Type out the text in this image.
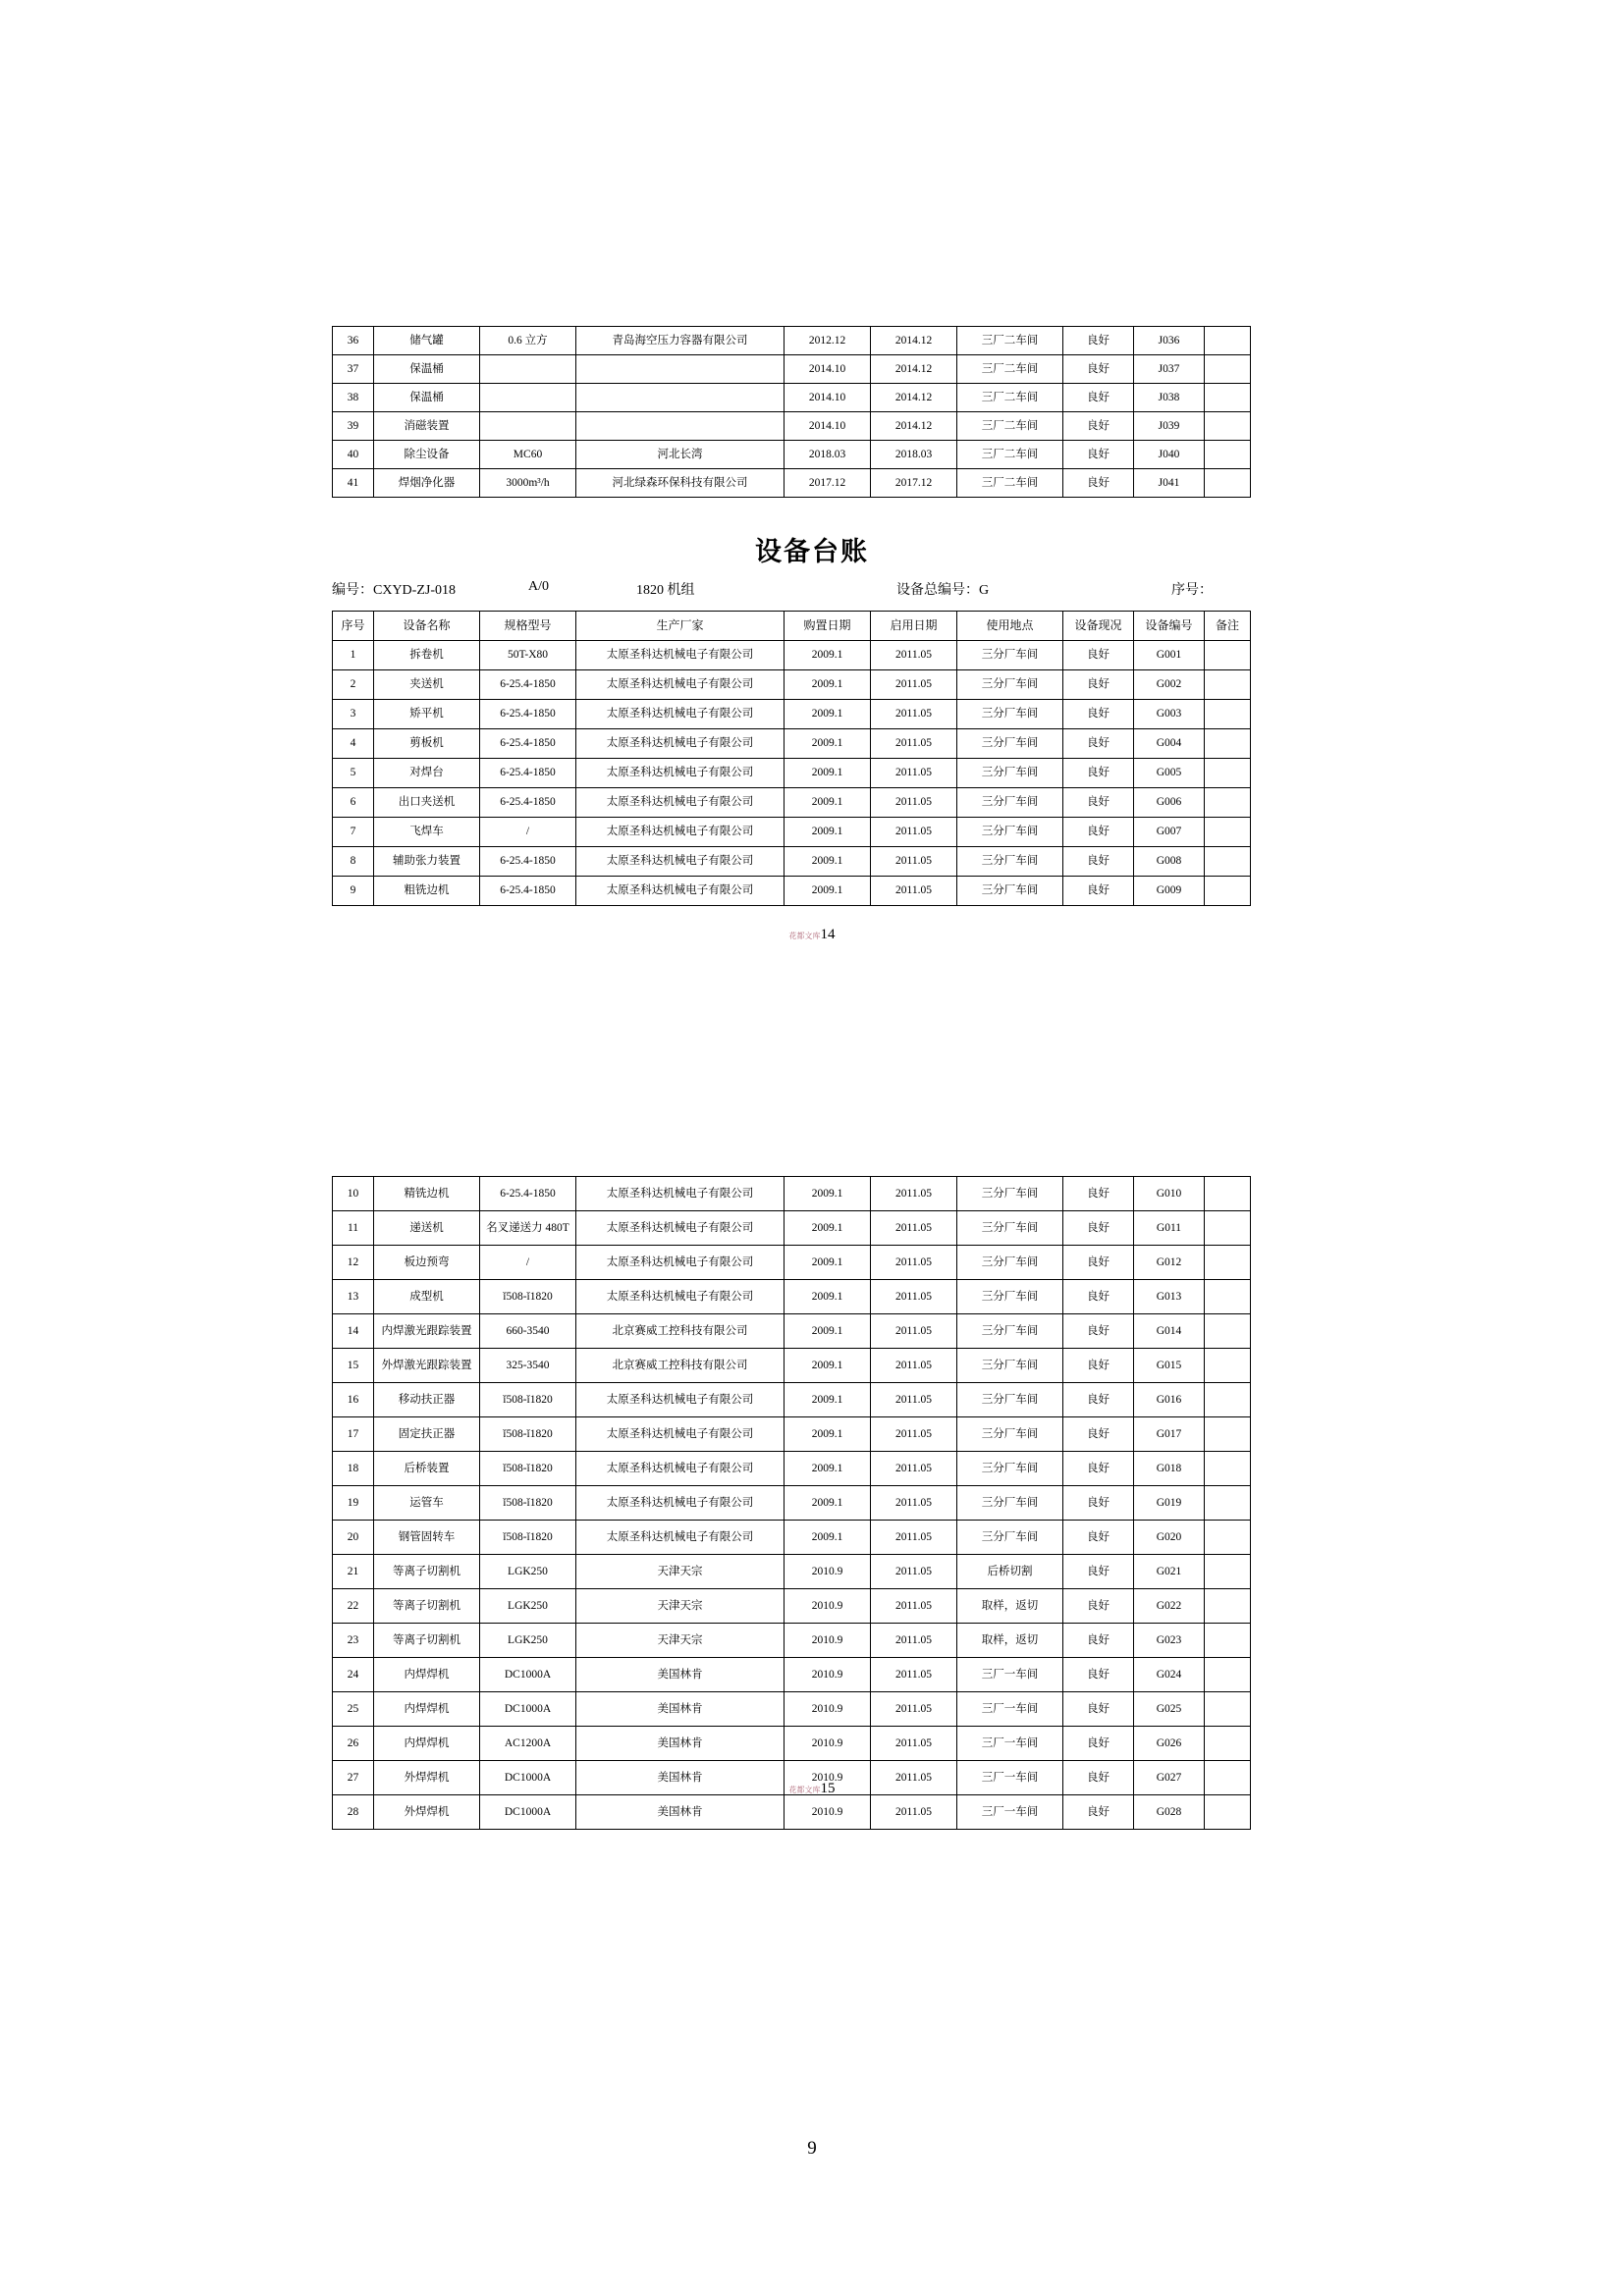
36	储气罐	0.6 立方	青岛海空压力容器有限公司	2012.12	2014.12	三厂二车间	良好	J036	
37	保温桶			2014.10	2014.12	三厂二车间	良好	J037	
38	保温桶			2014.10	2014.12	三厂二车间	良好	J038	
39	消磁装置			2014.10	2014.12	三厂二车间	良好	J039	
40	除尘设备	MC60	河北长湾	2018.03	2018.03	三厂二车间	良好	J040	
41	焊烟净化器	3000m³/h	河北绿森环保科技有限公司	2017.12	2017.12	三厂二车间	良好	J041	
设备台账
编号：CXYD-ZJ-018	A/0	1820 机组	设备总编号：G	序号：
序号	设备名称	规格型号	生产厂家	购置日期	启用日期	使用地点	设备现况	设备编号	备注
1	拆卷机	50T-X80	太原圣科达机械电子有限公司	2009.1	2011.05	三分厂车间	良好	G001	
2	夹送机	6-25.4-1850	太原圣科达机械电子有限公司	2009.1	2011.05	三分厂车间	良好	G002	
3	矫平机	6-25.4-1850	太原圣科达机械电子有限公司	2009.1	2011.05	三分厂车间	良好	G003	
4	剪板机	6-25.4-1850	太原圣科达机械电子有限公司	2009.1	2011.05	三分厂车间	良好	G004	
5	对焊台	6-25.4-1850	太原圣科达机械电子有限公司	2009.1	2011.05	三分厂车间	良好	G005	
6	出口夹送机	6-25.4-1850	太原圣科达机械电子有限公司	2009.1	2011.05	三分厂车间	良好	G006	
7	飞焊车	/	太原圣科达机械电子有限公司	2009.1	2011.05	三分厂车间	良好	G007	
8	辅助张力装置	6-25.4-1850	太原圣科达机械电子有限公司	2009.1	2011.05	三分厂车间	良好	G008	
9	粗铣边机	6-25.4-1850	太原圣科达机械电子有限公司	2009.1	2011.05	三分厂车间	良好	G009	
花都文库14
10	精铣边机	6-25.4-1850	太原圣科达机械电子有限公司	2009.1	2011.05	三分厂车间	良好	G010	
11	递送机	名叉递送力 480T	太原圣科达机械电子有限公司	2009.1	2011.05	三分厂车间	良好	G011	
12	板边预弯	/	太原圣科达机械电子有限公司	2009.1	2011.05	三分厂车间	良好	G012	
13	成型机	ǐ508-ǐ1820	太原圣科达机械电子有限公司	2009.1	2011.05	三分厂车间	良好	G013	
14	内焊激光跟踪装置	660-3540	北京赛威工控科技有限公司	2009.1	2011.05	三分厂车间	良好	G014	
15	外焊激光跟踪装置	325-3540	北京赛威工控科技有限公司	2009.1	2011.05	三分厂车间	良好	G015	
16	移动扶正器	ǐ508-ǐ1820	太原圣科达机械电子有限公司	2009.1	2011.05	三分厂车间	良好	G016	
17	固定扶正器	ǐ508-ǐ1820	太原圣科达机械电子有限公司	2009.1	2011.05	三分厂车间	良好	G017	
18	后桥装置	ǐ508-ǐ1820	太原圣科达机械电子有限公司	2009.1	2011.05	三分厂车间	良好	G018	
19	运管车	ǐ508-ǐ1820	太原圣科达机械电子有限公司	2009.1	2011.05	三分厂车间	良好	G019	
20	钢管固转车	ǐ508-ǐ1820	太原圣科达机械电子有限公司	2009.1	2011.05	三分厂车间	良好	G020	
21	等离子切割机	LGK250	天津天宗	2010.9	2011.05	后桥切割	良好	G021	
22	等离子切割机	LGK250	天津天宗	2010.9	2011.05	取样，返切	良好	G022	
23	等离子切割机	LGK250	天津天宗	2010.9	2011.05	取样，返切	良好	G023	
24	内焊焊机	DC1000A	美国林肯	2010.9	2011.05	三厂一车间	良好	G024	
25	内焊焊机	DC1000A	美国林肯	2010.9	2011.05	三厂一车间	良好	G025	
26	内焊焊机	AC1200A	美国林肯	2010.9	2011.05	三厂一车间	良好	G026	
27	外焊焊机	DC1000A	美国林肯	2010.9	2011.05	三厂一车间	良好	G027	
28	外焊焊机	DC1000A	美国林肯	2010.9	2011.05	三厂一车间	良好	G028	
花都文库15
9
